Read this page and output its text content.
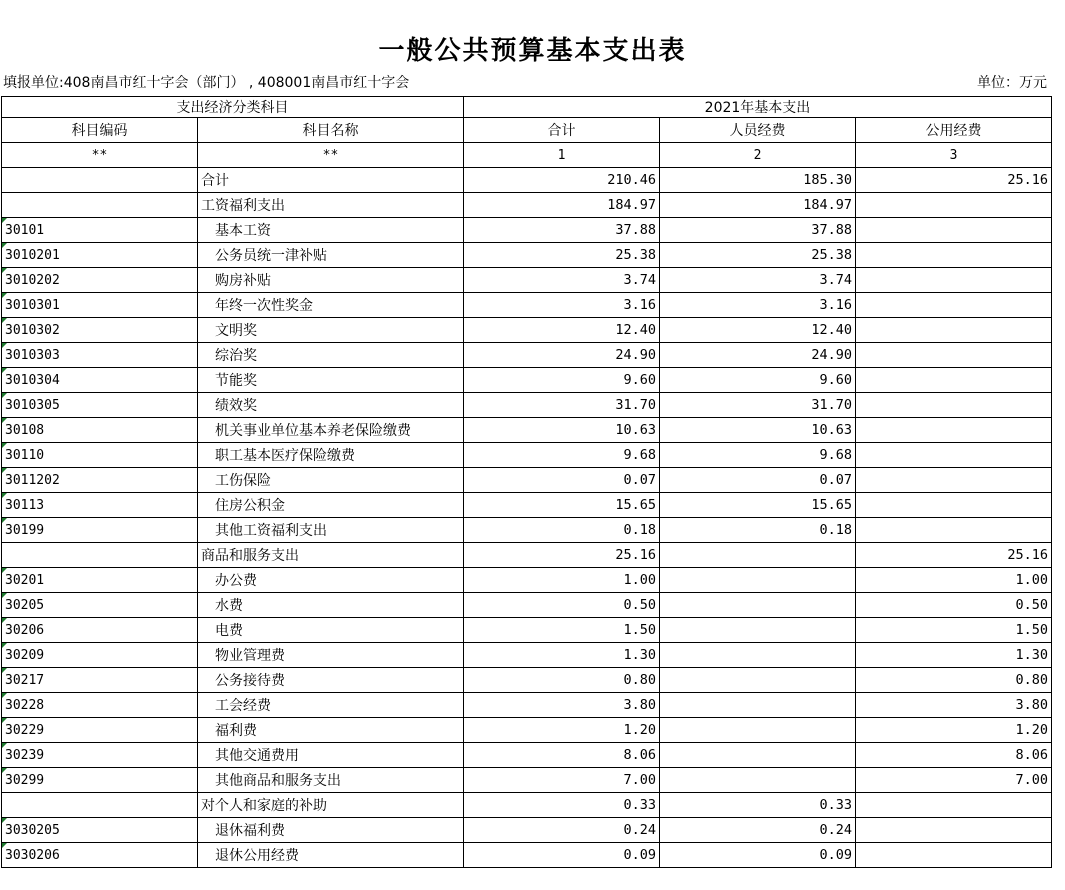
一般公共预算基本支出表
填报单位:408南昌市红十字会（部门） , 408001南昌市红十字会	单位：万元
支出经济分类科目		2021年基本支出		
科目编码	科目名称	合计	人员经费	公用经费
**	**	1	2	3
	合计	210.46	185.30	25.16
	工资福利支出	184.97	184.97	
30101	基本工资	37.88	37.88	
3010201	公务员统一津补贴	25.38	25.38	
3010202	购房补贴	3.74	3.74	
3010301	年终一次性奖金	3.16	3.16	
3010302	文明奖	12.40	12.40	
3010303	综治奖	24.90	24.90	
3010304	节能奖	9.60	9.60	
3010305	绩效奖	31.70	31.70	
30108	机关事业单位基本养老保险缴费	10.63	10.63	
30110	职工基本医疗保险缴费	9.68	9.68	
3011202	工伤保险	0.07	0.07	
30113	住房公积金	15.65	15.65	
30199	其他工资福利支出	0.18	0.18	
	商品和服务支出	25.16		25.16
30201	办公费	1.00		1.00
30205	水费	0.50		0.50
30206	电费	1.50		1.50
30209	物业管理费	1.30		1.30
30217	公务接待费	0.80		0.80
30228	工会经费	3.80		3.80
30229	福利费	1.20		1.20
30239	其他交通费用	8.06		8.06
30299	其他商品和服务支出	7.00		7.00
	对个人和家庭的补助	0.33	0.33	
3030205	退休福利费	0.24	0.24	
3030206	退休公用经费	0.09	0.09	
